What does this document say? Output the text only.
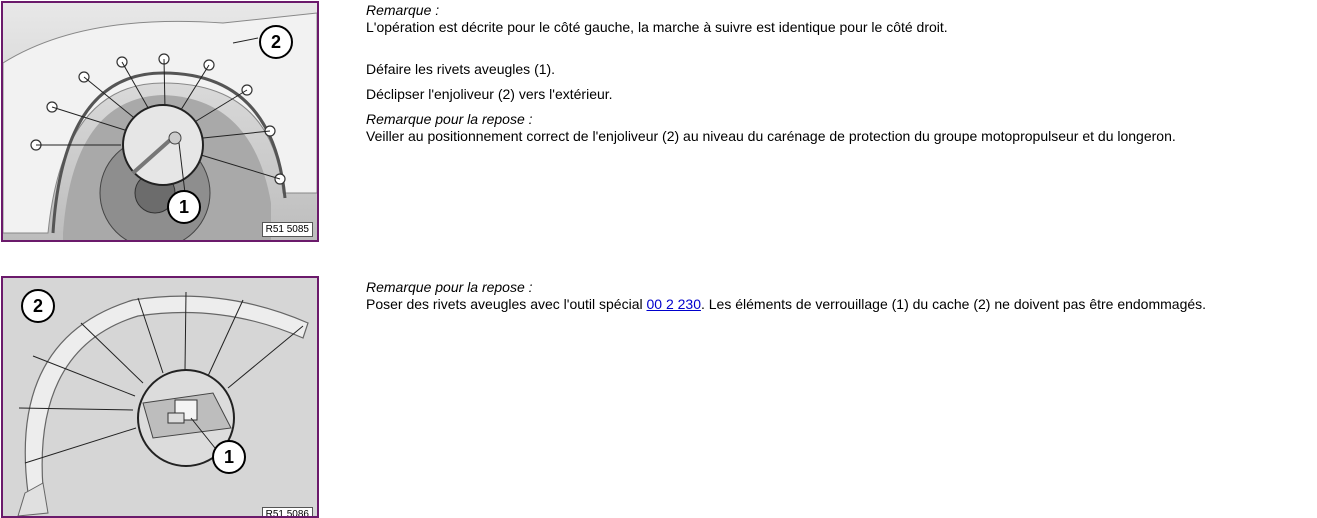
2
1
R51 5085

Remarque :

L'opération est décrite pour le côté gauche, la marche à suivre est identique pour le côté droit.

Défaire les rivets aveugles (1).

Déclipser l'enjoliveur (2) vers l'extérieur.

Remarque pour la repose :

Veiller au positionnement correct de l'enjoliveur (2) au niveau du carénage de protection du groupe motopropulseur et du longeron.

2
1
R51 5086

Remarque pour la repose :

Poser des rivets aveugles avec l'outil spécial 00 2 230. Les éléments de verrouillage (1) du cache (2) ne doivent pas être endommagés.
